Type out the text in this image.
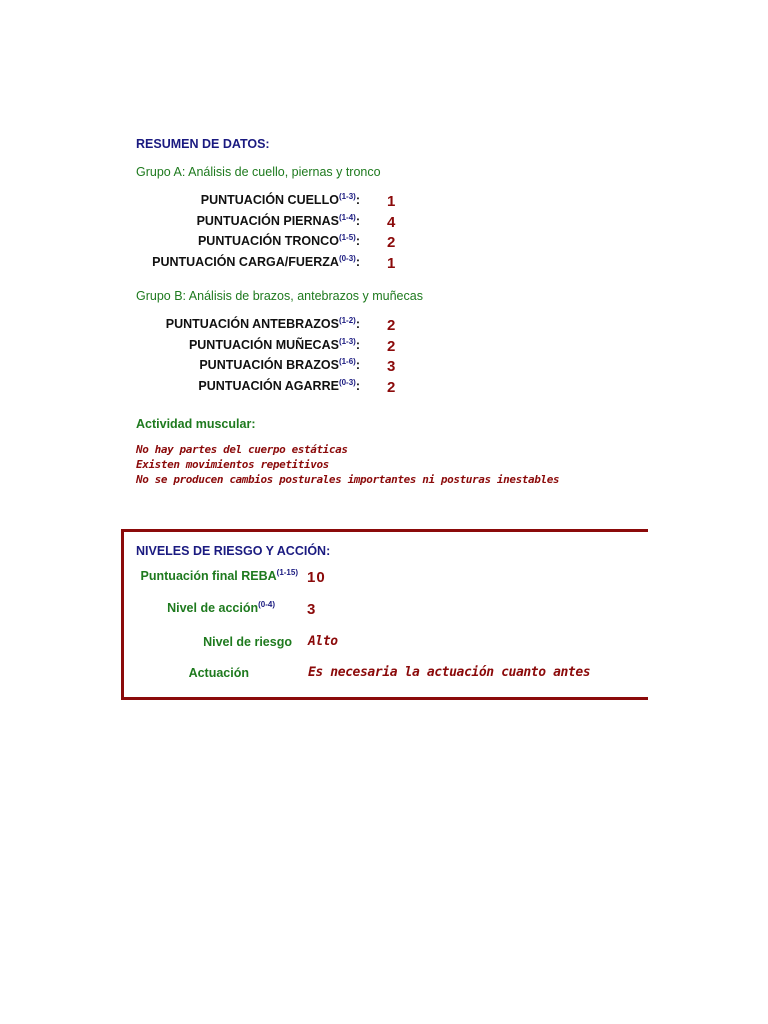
RESUMEN DE DATOS:
Grupo A: Análisis de cuello, piernas y tronco
PUNTUACIÓN CUELLO$^{(1-3)}$: 1
PUNTUACIÓN PIERNAS$^{(1-4)}$: 4
PUNTUACIÓN TRONCO$^{(1-5)}$: 2
PUNTUACIÓN CARGA/FUERZA$^{(0-3)}$: 1
Grupo B: Análisis de brazos, antebrazos y muñecas
PUNTUACIÓN ANTEBRAZOS$^{(1-2)}$: 2
PUNTUACIÓN MUÑECAS$^{(1-3)}$: 2
PUNTUACIÓN BRAZOS$^{(1-6)}$: 3
PUNTUACIÓN AGARRE$^{(0-3)}$: 2
Actividad muscular:
No hay partes del cuerpo estáticas
Existen movimientos repetitivos
No se producen cambios posturales importantes ni posturas inestables
NIVELES DE RIESGO Y ACCIÓN:
Puntuación final REBA$^{(1-15)}$ 10
Nivel de acción$^{(0-4)}$ 3
Nivel de riesgo Alto
Actuación	Es necesaria la actuación cuanto antes
